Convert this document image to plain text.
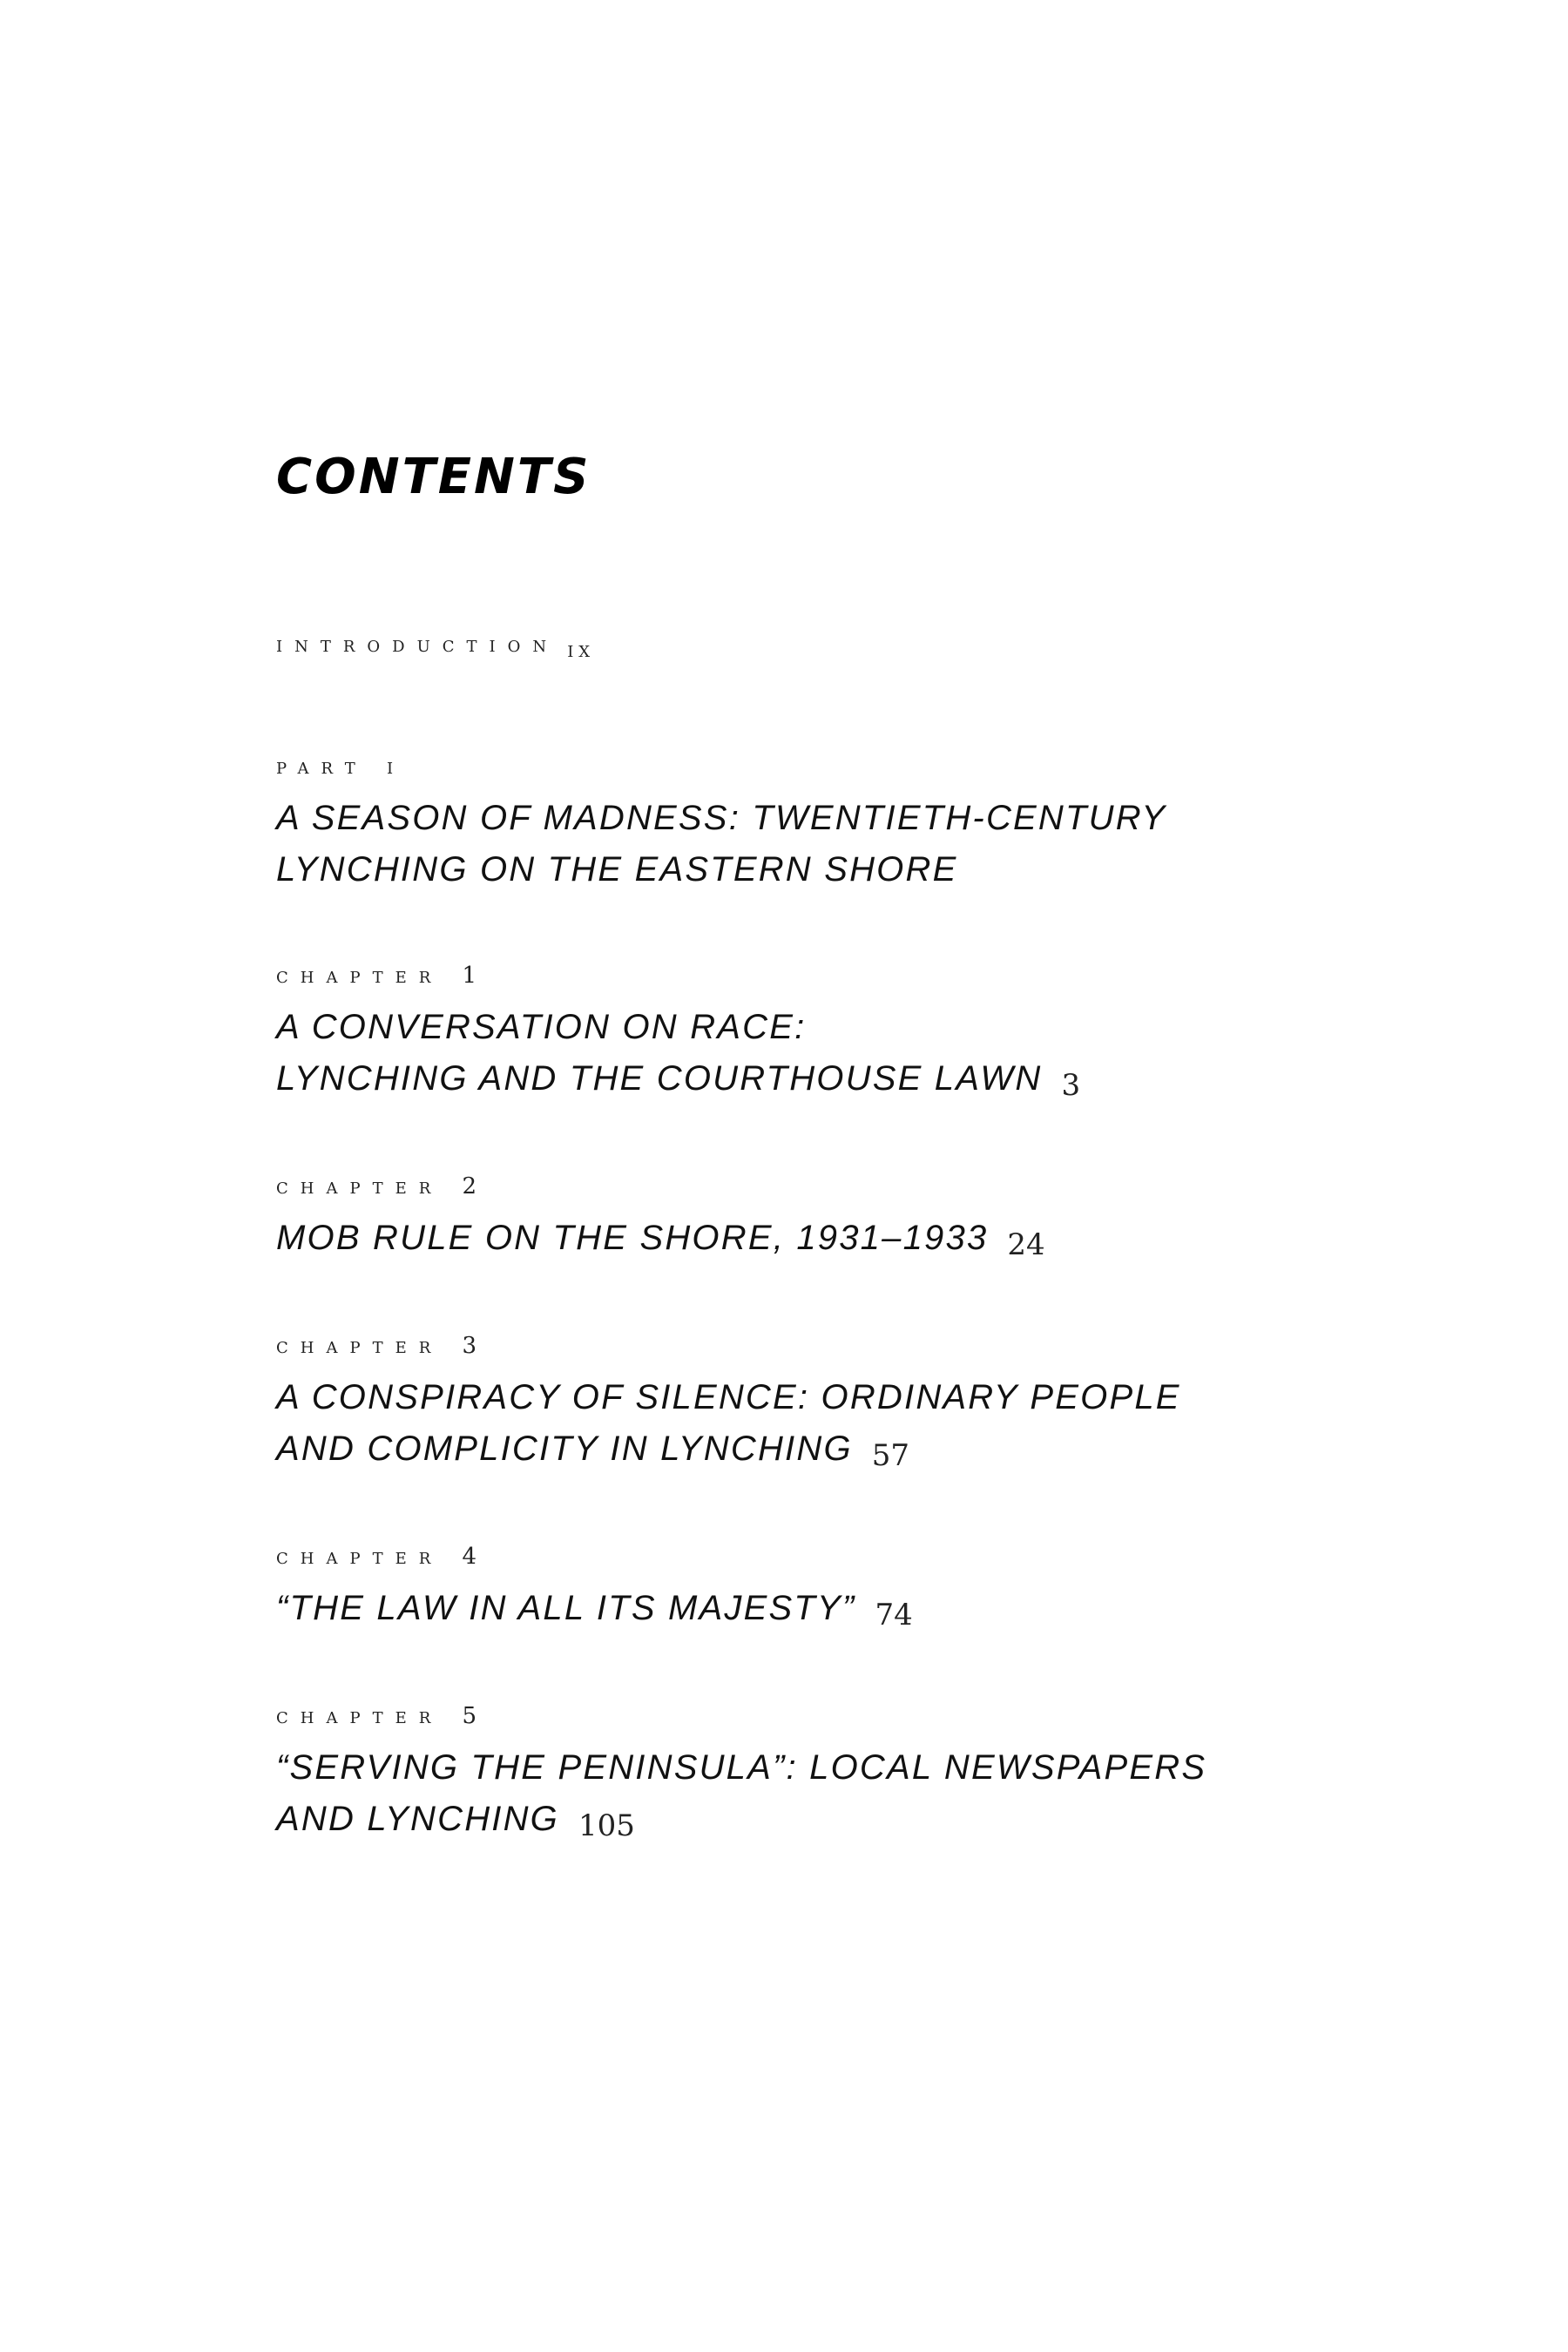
CONTENTS
introduction ix
part i
A SEASON OF MADNESS: TWENTIETH-CENTURY
LYNCHING ON THE EASTERN SHORE
chapter 1
A CONVERSATION ON RACE:
LYNCHING AND THE COURTHOUSE LAWN 3
chapter 2
MOB RULE ON THE SHORE, 1931–1933 24
chapter 3
A CONSPIRACY OF SILENCE: ORDINARY PEOPLE
AND COMPLICITY IN LYNCHING 57
chapter 4
“THE LAW IN ALL ITS MAJESTY” 74
chapter 5
“SERVING THE PENINSULA”: LOCAL NEWSPAPERS
AND LYNCHING 105
